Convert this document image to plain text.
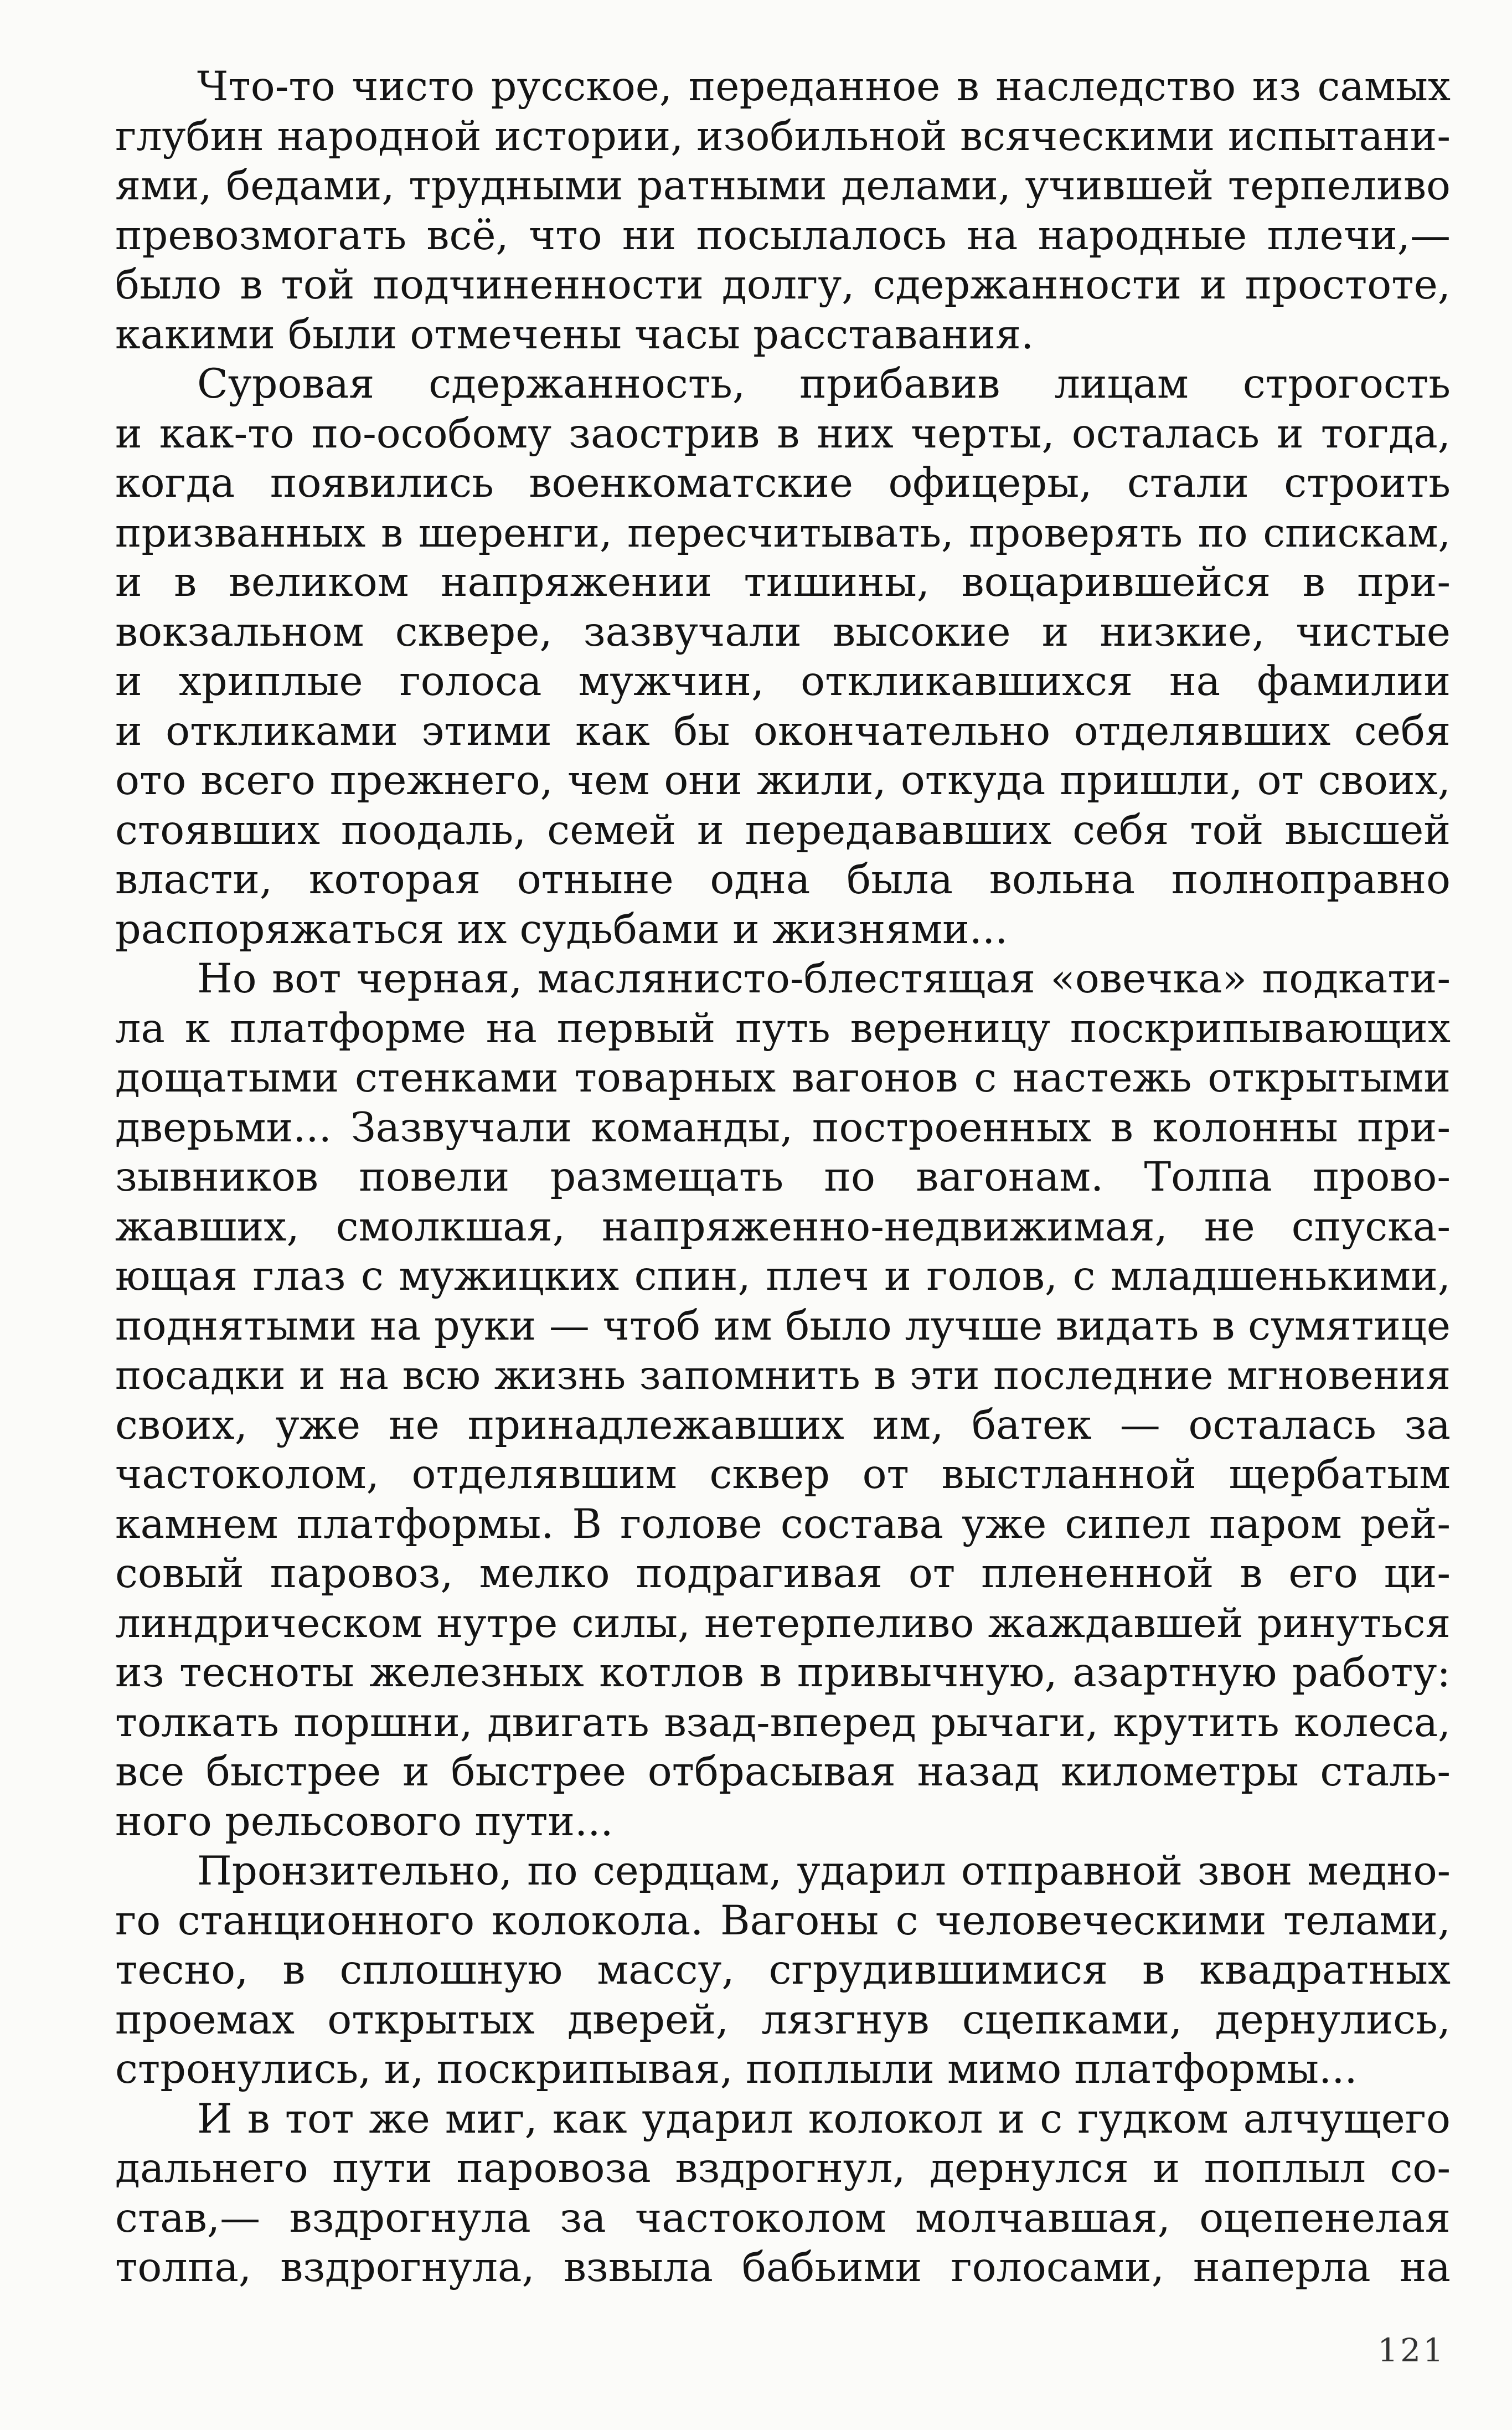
Что-то чисто русское, переданное в наследство из самых
глубин народной истории, изобильной всяческими испытани-
ями, бедами, трудными ратными делами, учившей терпеливо
превозмогать всё, что ни посылалось на народные плечи,—
было в той подчиненности долгу, сдержанности и простоте,
какими были отмечены часы расставания.
Суровая сдержанность, прибавив лицам строгость
и как-то по-особому заострив в них черты, осталась и тогда,
когда появились военкоматские офицеры, стали строить
призванных в шеренги, пересчитывать, проверять по спискам,
и в великом напряжении тишины, воцарившейся в при-
вокзальном сквере, зазвучали высокие и низкие, чистые
и хриплые голоса мужчин, откликавшихся на фамилии
и откликами этими как бы окончательно отделявших себя
ото всего прежнего, чем они жили, откуда пришли, от своих,
стоявших поодаль, семей и передававших себя той высшей
власти, которая отныне одна была вольна полноправно
распоряжаться их судьбами и жизнями...
Но вот черная, маслянисто-блестящая «овечка» подкати-
ла к платформе на первый путь вереницу поскрипывающих
дощатыми стенками товарных вагонов с настежь открытыми
дверьми... Зазвучали команды, построенных в колонны при-
зывников повели размещать по вагонам. Толпа прово-
жавших, смолкшая, напряженно-недвижимая, не спуска-
ющая глаз с мужицких спин, плеч и голов, с младшенькими,
поднятыми на руки — чтоб им было лучше видать в сумятице
посадки и на всю жизнь запомнить в эти последние мгновения
своих, уже не принадлежавших им, батек — осталась за
частоколом, отделявшим сквер от выстланной щербатым
камнем платформы. В голове состава уже сипел паром рей-
совый паровоз, мелко подрагивая от плененной в его ци-
линдрическом нутре силы, нетерпеливо жаждавшей ринуться
из тесноты железных котлов в привычную, азартную работу:
толкать поршни, двигать взад-вперед рычаги, крутить колеса,
все быстрее и быстрее отбрасывая назад километры сталь-
ного рельсового пути...
Пронзительно, по сердцам, ударил отправной звон медно-
го станционного колокола. Вагоны с человеческими телами,
тесно, в сплошную массу, сгрудившимися в квадратных
проемах открытых дверей, лязгнув сцепками, дернулись,
стронулись, и, поскрипывая, поплыли мимо платформы...
И в тот же миг, как ударил колокол и с гудком алчущего
дальнего пути паровоза вздрогнул, дернулся и поплыл со-
став,— вздрогнула за частоколом молчавшая, оцепенелая
толпа, вздрогнула, взвыла бабьими голосами, наперла на
121
